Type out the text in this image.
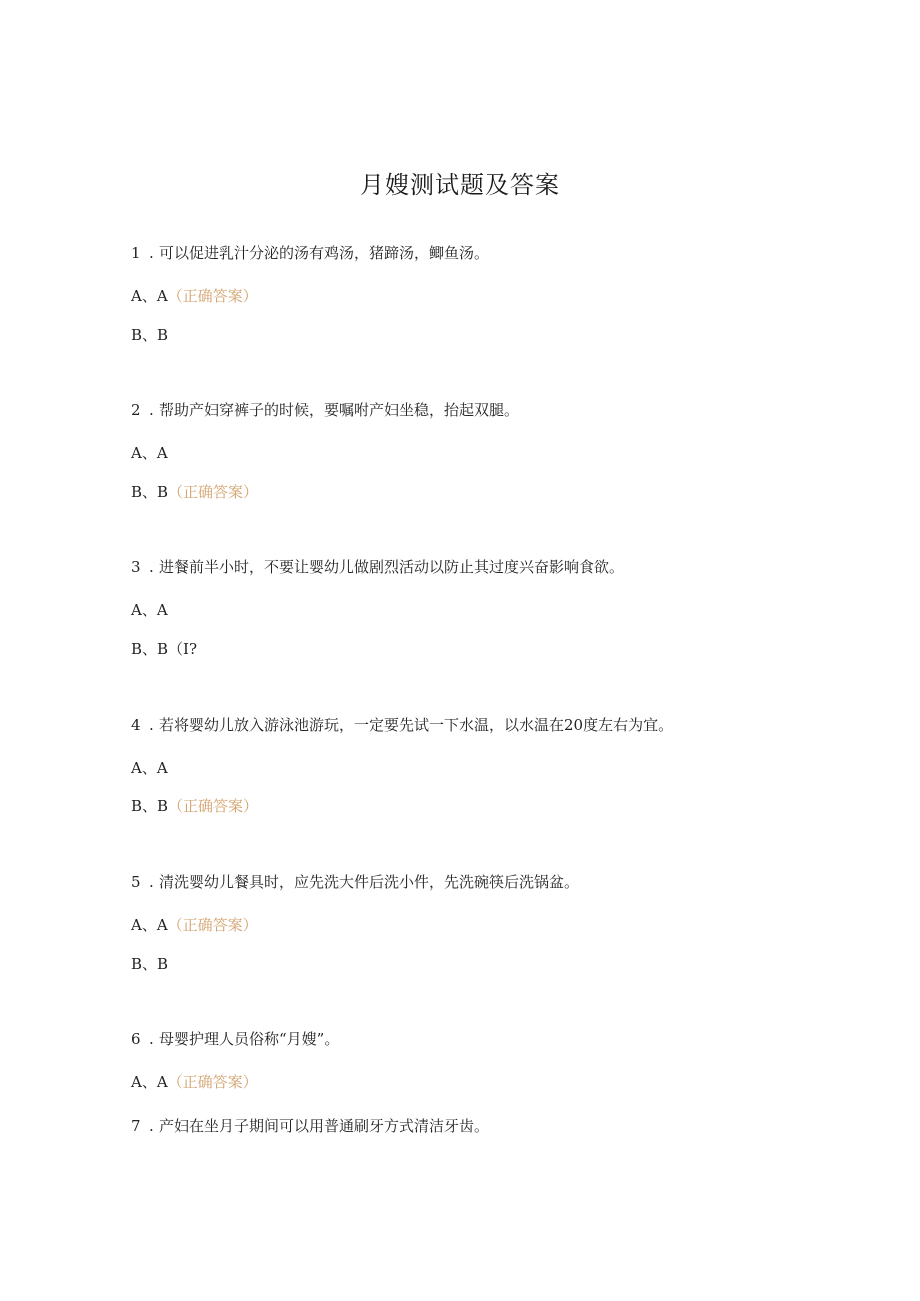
月嫂测试题及答案
1 . 可以促进乳汁分泌的汤有鸡汤，猪蹄汤，鲫鱼汤。
A、A（正确答案）
B、B
2 . 帮助产妇穿裤子的时候，要嘱咐产妇坐稳，抬起双腿。
A、A
B、B（正确答案）
3 . 进餐前半小时，不要让婴幼儿做剧烈活动以防止其过度兴奋影响食欲。
A、A
B、B（I?
4 . 若将婴幼儿放入游泳池游玩，一定要先试一下水温，以水温在20度左右为宜。
A、A
B、B（正确答案）
5 . 清洗婴幼儿餐具时，应先洗大件后洗小件，先洗碗筷后洗锅盆。
A、A（正确答案）
B、B
6 . 母婴护理人员俗称“月嫂”。
A、A（正确答案）
7 . 产妇在坐月子期间可以用普通刷牙方式清洁牙齿。
